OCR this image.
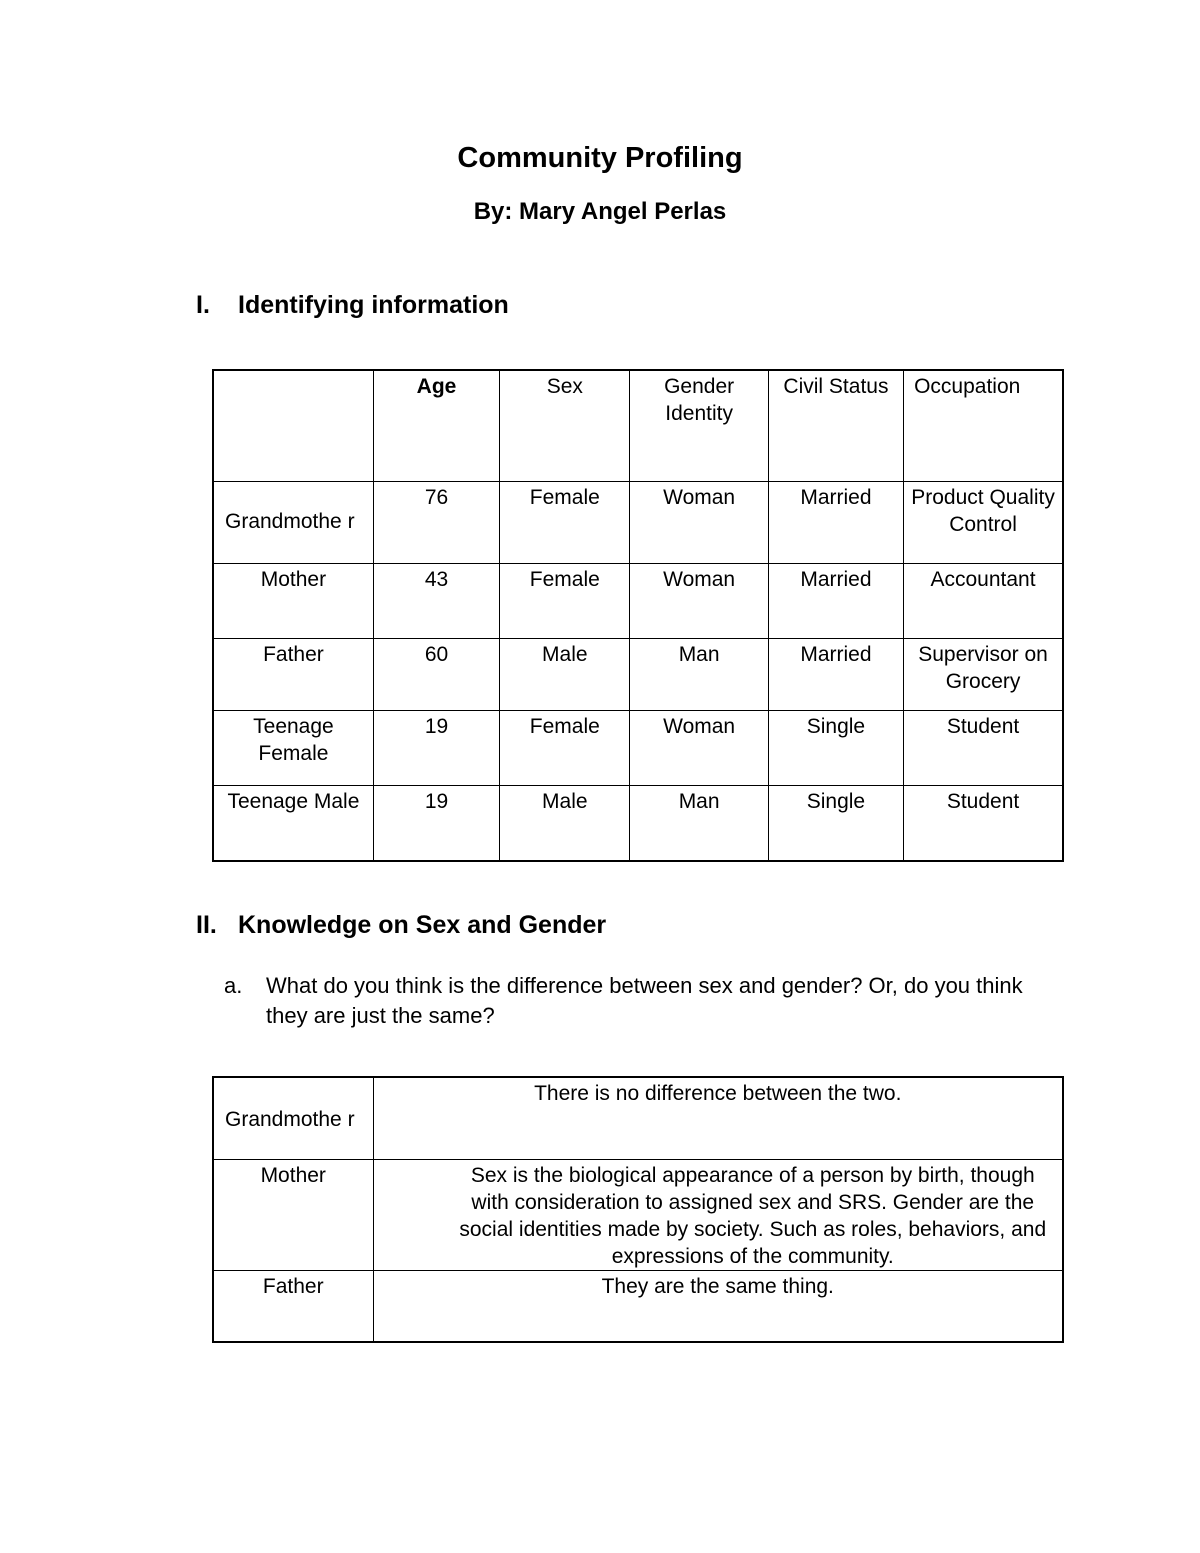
Community Profiling
By: Mary Angel Perlas
I. Identifying information
	Age	Sex	Gender Identity	Civil Status	Occupation
Grandmothe r	76	Female	Woman	Married	Product Quality Control
Mother	43	Female	Woman	Married	Accountant
Father	60	Male	Man	Married	Supervisor on Grocery
Teenage Female	19	Female	Woman	Single	Student
Teenage Male	19	Male	Man	Single	Student
II. Knowledge on Sex and Gender
a. What do you think is the difference between sex and gender? Or, do you think they are just the same?
Grandmothe r	There is no difference between the two.
Mother	Sex is the biological appearance of a person by birth, though with consideration to assigned sex and SRS. Gender are the social identities made by society. Such as roles, behaviors, and expressions of the community.
Father	They are the same thing.
